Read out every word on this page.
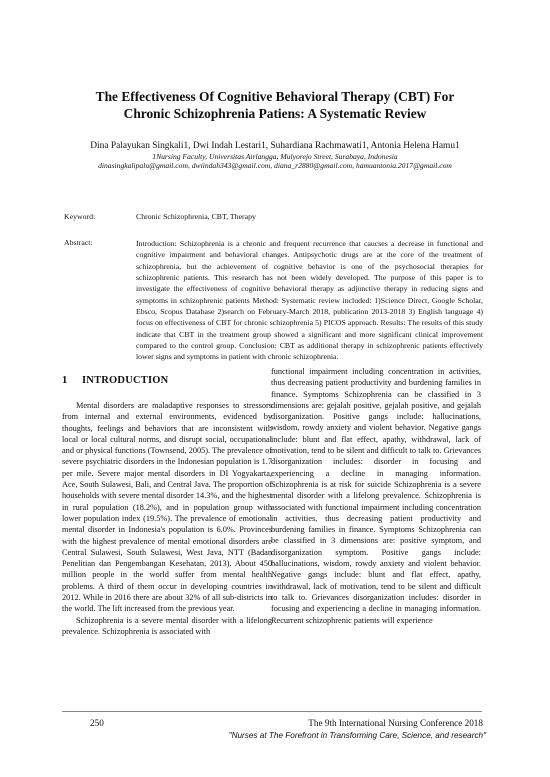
The Effectiveness Of Cognitive Behavioral Therapy (CBT) For
Chronic Schizophrenia Patiens: A Systematic Review
Dina Palayukan Singkali1, Dwi Indah Lestari1, Suhardiana Rachmawati1, Antonia Helena Hamu1
1Nursing Faculty, Universitas Airlangga, Mulyorejo Street, Surabaya, Indonesia
dinasingkalipalu@gmail.com, dwiindah343@gmail.com, diana_r2880@gmail.com, hamuantonia.2017@gmail.com
Keyword:	Chronic Schizophrenia, CBT, Therapy
Abstract:	Introduction: Schizophrenia is a chronic and frequent recurrence that caucses a decrease in functional and cognitive impairment and behavioral changes. Antipsychotic drugs are at the core of the treatment of schizophrenia, but the achievement of cognitive behavior is one of the psychosocial therapies for schizophrenic patients. This research has not been widely developed. The purpose of this paper is to investigate the effectiveness of cognitive behavioral therapy as adjunctive therapy in reducing signs and symptoms in schizophrenic patients Method: Systematic review included: 1)Science Direct, Google Scholar, Ebsco, Scopus Database 2)search on February-March 2018, publication 2013-2018 3) English language 4) focus on effectiveness of CBT for chronic schizophrenia 5) PICOS approach. Results: The results of this study indicate that CBT in the treatment group showed a significant and more significant clinical improvement compared to the control group. Conclusion: CBT as additional therapy in schizophrenic patients effectively lower signs and symptoms in patient with chronic schizophrenia.
1 INTRODUCTION

Mental disorders are maladaptive responses to stressors from internal and external environments, evidenced by thoughts, feelings and behaviors that are inconsistent with local or local cultural norms, and disrupt social, occupational and or physical functions (Townsend, 2005). The prevalence of severe psychiatric disorders in the Indonesian population is 1.7 per mile. Severe major mental disorders in DI Yogyakarta, Ace, South Sulawesi, Bali, and Central Java. The proportion of households with severe mental disorder 14.3%, and the highest in rural population (18.2%), and in population group with lower population index (19.5%). The prevalence of emotional mental disorder in Indonesia's population is 6.0%. Provinces with the highest prevalence of mental emotional disorders are Central Sulawesi, South Sulawesi, West Java, NTT (Badan Penelitian dan Pengembangan Kesehatan, 2013). About 450 million people in the world suffer from mental health problems. A third of them occur in developing countries in 2012. While in 2016 there are about 32% of all sub-districts in the world. The lift increased from the previous year.

Schizophrenia is a severe mental disorder with a lifelong prevalence. Schizophrenia is associated with

functional impairment including concentration in activities, thus decreasing patient productivity and burdening families in finance. Symptoms Schizophrenia can be classified in 3 dimensions are: gejalah positive, gejalah positive, and gejalah disorganization. Positive gangs include: hallucinations, wisdom, rowdy anxiety and violent behavior. Negative gangs include: blunt and flat effect, apathy, withdrawal, lack of motivation, tend to be silent and difficult to talk to. Grievances disorganization includes: disorder in focusing and experiencing a decline in managing information. Schizophrenia is at risk for suicide Schizophrenia is a severe mental disorder with a lifelong prevalence. Schizophrenia is associated with functional impairment including concentration in activities, thus decreasing patient productivity and burdening families in finance. Symptoms Schizophrenia can be classified in 3 dimensions are: positive symptom, and disorganization symptom. Positive gangs include: hallucinations, wisdom, rowdy anxiety and violent behavior. Negative gangs include: blunt and flat effect, apathy, withdrawal, lack of motivation, tend to be silent and difficult to talk to. Grievances disorganization includes: disorder in focusing and experiencing a decline in managing information. Recurrent schizophrenic patients will experience

250	The 9th International Nursing Conference 2018
"Nurses at The Forefront in Transforming Care, Science, and research"
